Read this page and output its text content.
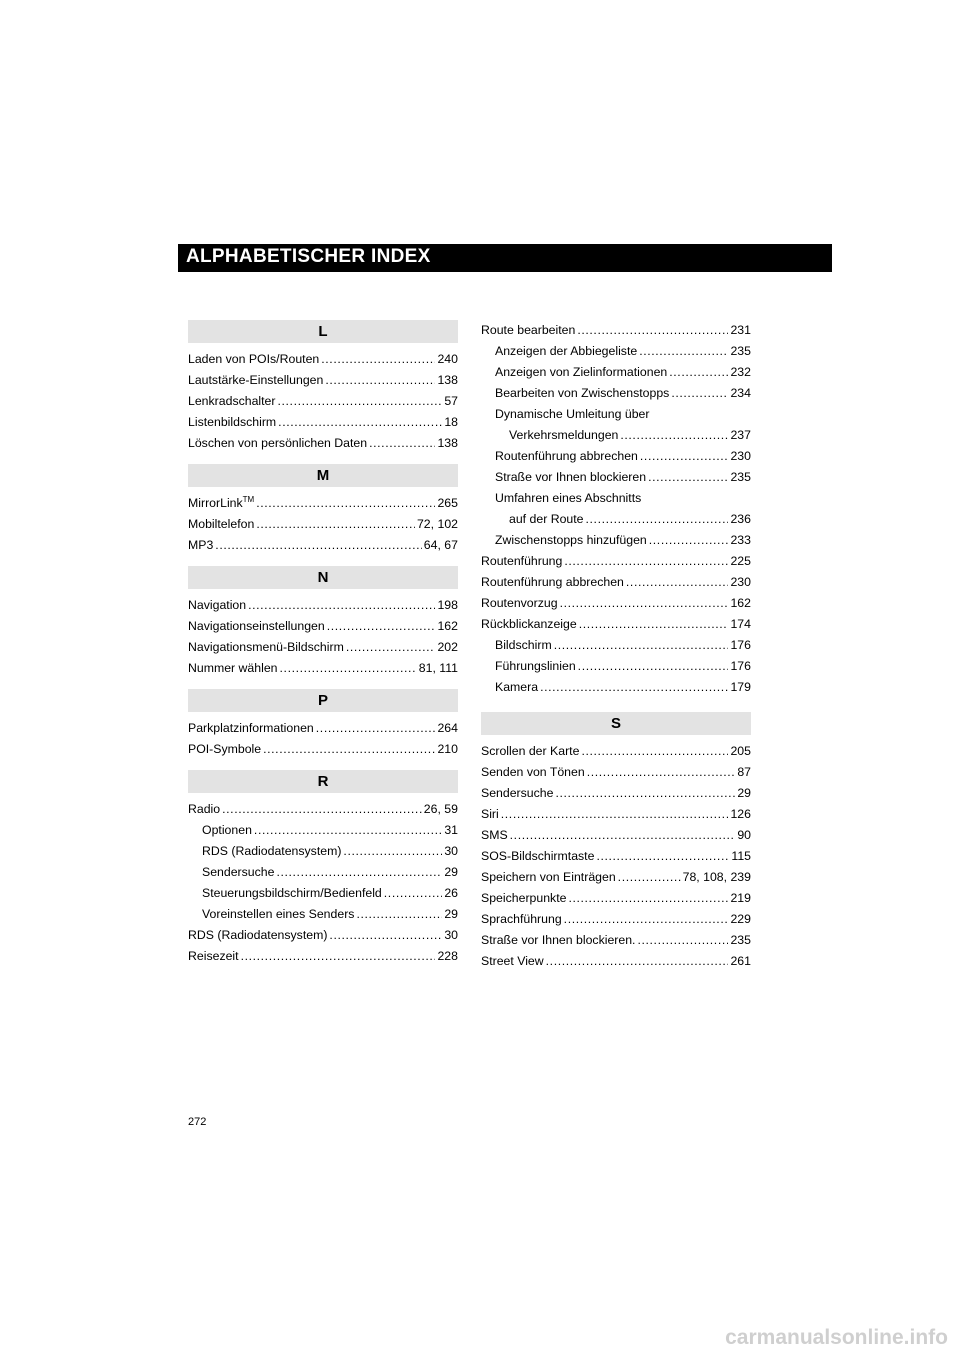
ALPHABETISCHER INDEX
L
Laden von POIs/Routen .....	240
Lautstärke-Einstellungen .....	138
Lenkradschalter .....	57
Listenbildschirm .....	18
Löschen von persönlichen Daten .....	138
M
MirrorLink™ .....	265
Mobiltelefon .....	72, 102
MP3 .....	64, 67
N
Navigation .....	198
Navigationseinstellungen .....	162
Navigationsmenü-Bildschirm .....	202
Nummer wählen .....	81, 111
P
Parkplatzinformationen .....	264
POI-Symbole .....	210
R
Radio .....	26, 59
Optionen .....	31
RDS (Radiodatensystem) .....	30
Sendersuche .....	29
Steuerungsbildschirm/Bedienfeld .....	26
Voreinstellen eines Senders .....	29
RDS (Radiodatensystem) .....	30
Reisezeit .....	228
Route bearbeiten .....	231
Anzeigen der Abbiegeliste .....	235
Anzeigen von Zielinformationen .....	232
Bearbeiten von Zwischenstopps .....	234
Dynamische Umleitung über
Verkehrsmeldungen .....	237
Routenführung abbrechen .....	230
Straße vor Ihnen blockieren .....	235
Umfahren eines Abschnitts
auf der Route .....	236
Zwischenstopps hinzufügen .....	233
Routenführung .....	225
Routenführung abbrechen .....	230
Routenvorzug .....	162
Rückblickanzeige .....	174
Bildschirm .....	176
Führungslinien .....	176
Kamera .....	179
S
Scrollen der Karte .....	205
Senden von Tönen .....	87
Sendersuche .....	29
Siri .....	126
SMS .....	90
SOS-Bildschirmtaste .....	115
Speichern von Einträgen .....	78, 108, 239
Speicherpunkte .....	219
Sprachführung .....	229
Straße vor Ihnen blockieren. .....	235
Street View .....	261
272
carmanualsonline.info
